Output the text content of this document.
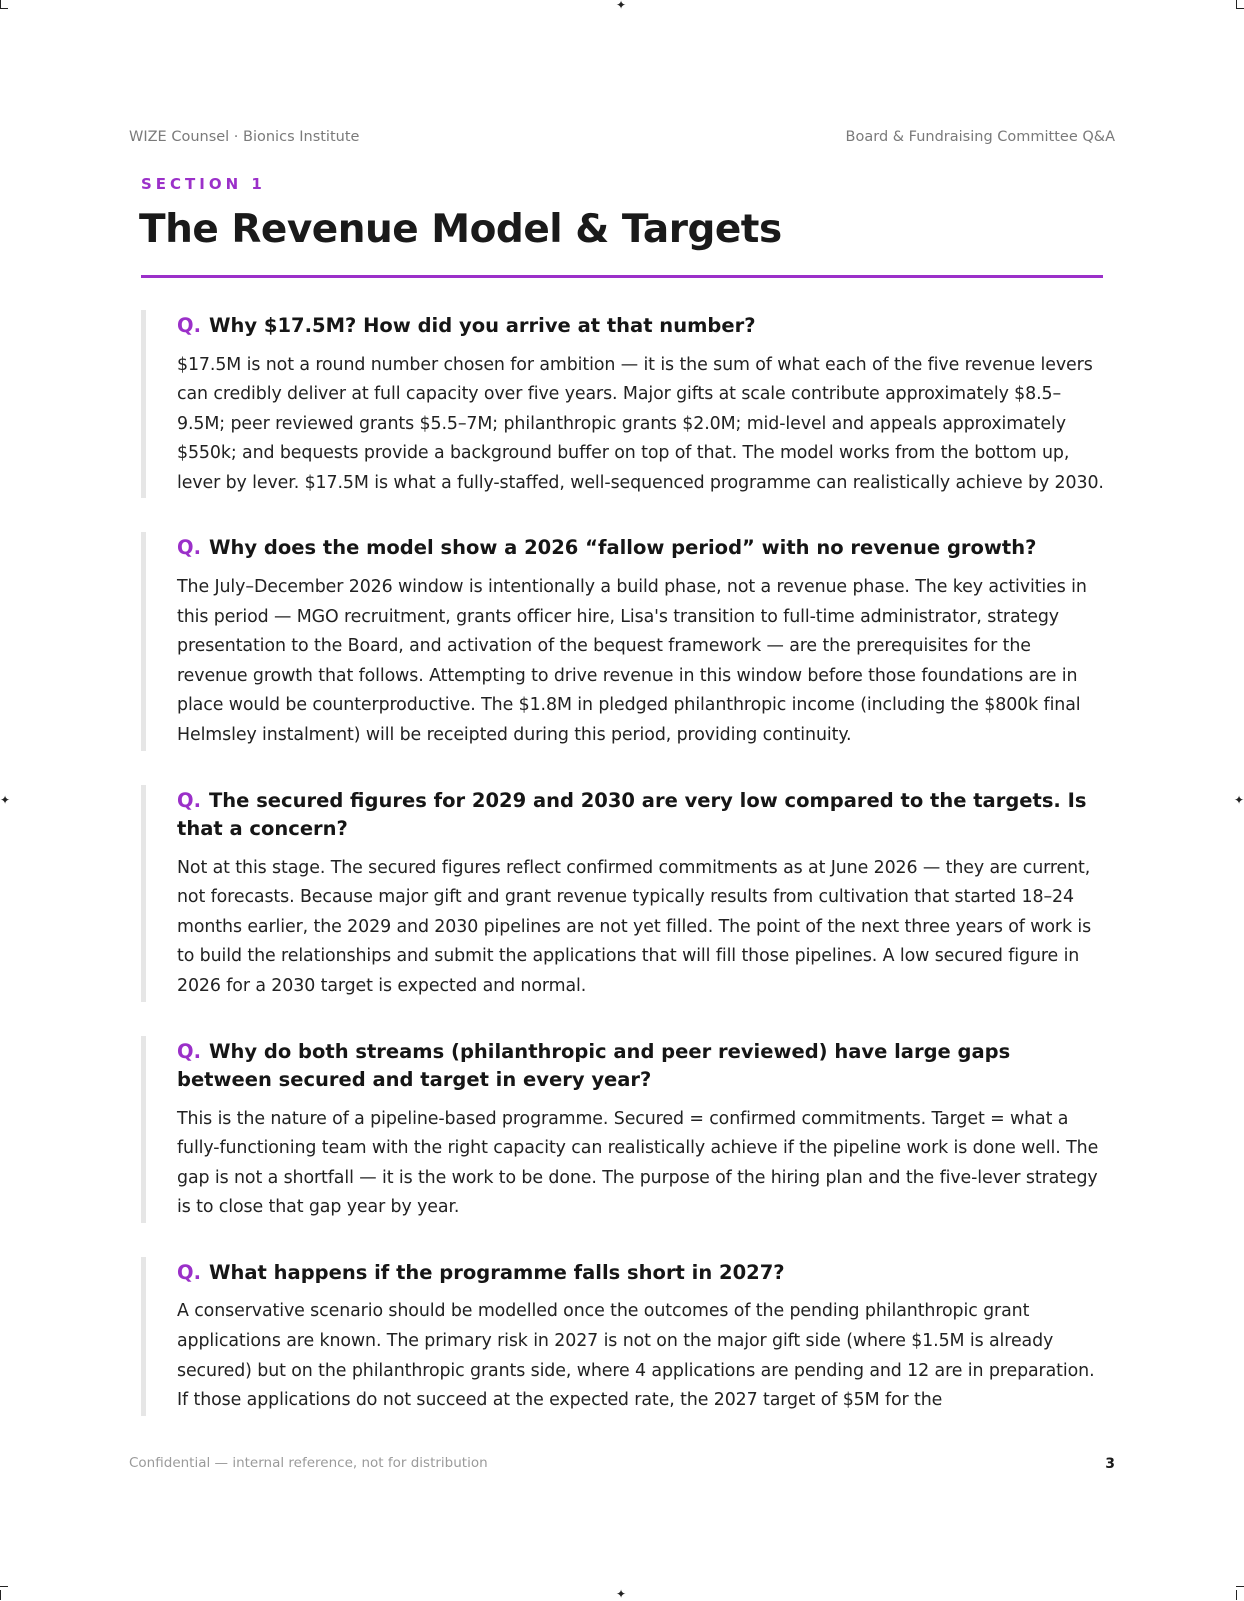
✦
✦	✦
✦
WIZE Counsel · Bionics Institute	Board & Fundraising Committee Q&A
SECTION 1
The Revenue Model & Targets

Q. Why $17.5M? How did you arrive at that number?

$17.5M is not a round number chosen for ambition — it is the sum of what each of the five revenue levers can credibly deliver at full capacity over five years. Major gifts at scale contribute approximately $8.5–9.5M; peer reviewed grants $5.5–7M; philanthropic grants $2.0M; mid-level and appeals approximately $550k; and bequests provide a background buffer on top of that. The model works from the bottom up, lever by lever. $17.5M is what a fully-staffed, well-sequenced programme can realistically achieve by 2030.

Q. Why does the model show a 2026 “fallow period” with no revenue growth?

The July–December 2026 window is intentionally a build phase, not a revenue phase. The key activities in this period — MGO recruitment, grants officer hire, Lisa's transition to full-time administrator, strategy presentation to the Board, and activation of the bequest framework — are the prerequisites for the revenue growth that follows. Attempting to drive revenue in this window before those foundations are in place would be counterproductive. The $1.8M in pledged philanthropic income (including the $800k final Helmsley instalment) will be receipted during this period, providing continuity.

Q. The secured figures for 2029 and 2030 are very low compared to the targets. Is that a concern?

Not at this stage. The secured figures reflect confirmed commitments as at June 2026 — they are current, not forecasts. Because major gift and grant revenue typically results from cultivation that started 18–24 months earlier, the 2029 and 2030 pipelines are not yet filled. The point of the next three years of work is to build the relationships and submit the applications that will fill those pipelines. A low secured figure in 2026 for a 2030 target is expected and normal.

Q. Why do both streams (philanthropic and peer reviewed) have large gaps between secured and target in every year?

This is the nature of a pipeline-based programme. Secured = confirmed commitments. Target = what a fully-functioning team with the right capacity can realistically achieve if the pipeline work is done well. The gap is not a shortfall — it is the work to be done. The purpose of the hiring plan and the five-lever strategy is to close that gap year by year.

Q. What happens if the programme falls short in 2027?

A conservative scenario should be modelled once the outcomes of the pending philanthropic grant applications are known. The primary risk in 2027 is not on the major gift side (where $1.5M is already secured) but on the philanthropic grants side, where 4 applications are pending and 12 are in preparation. If those applications do not succeed at the expected rate, the 2027 target of $5M for the

Confidential — internal reference, not for distribution	3
